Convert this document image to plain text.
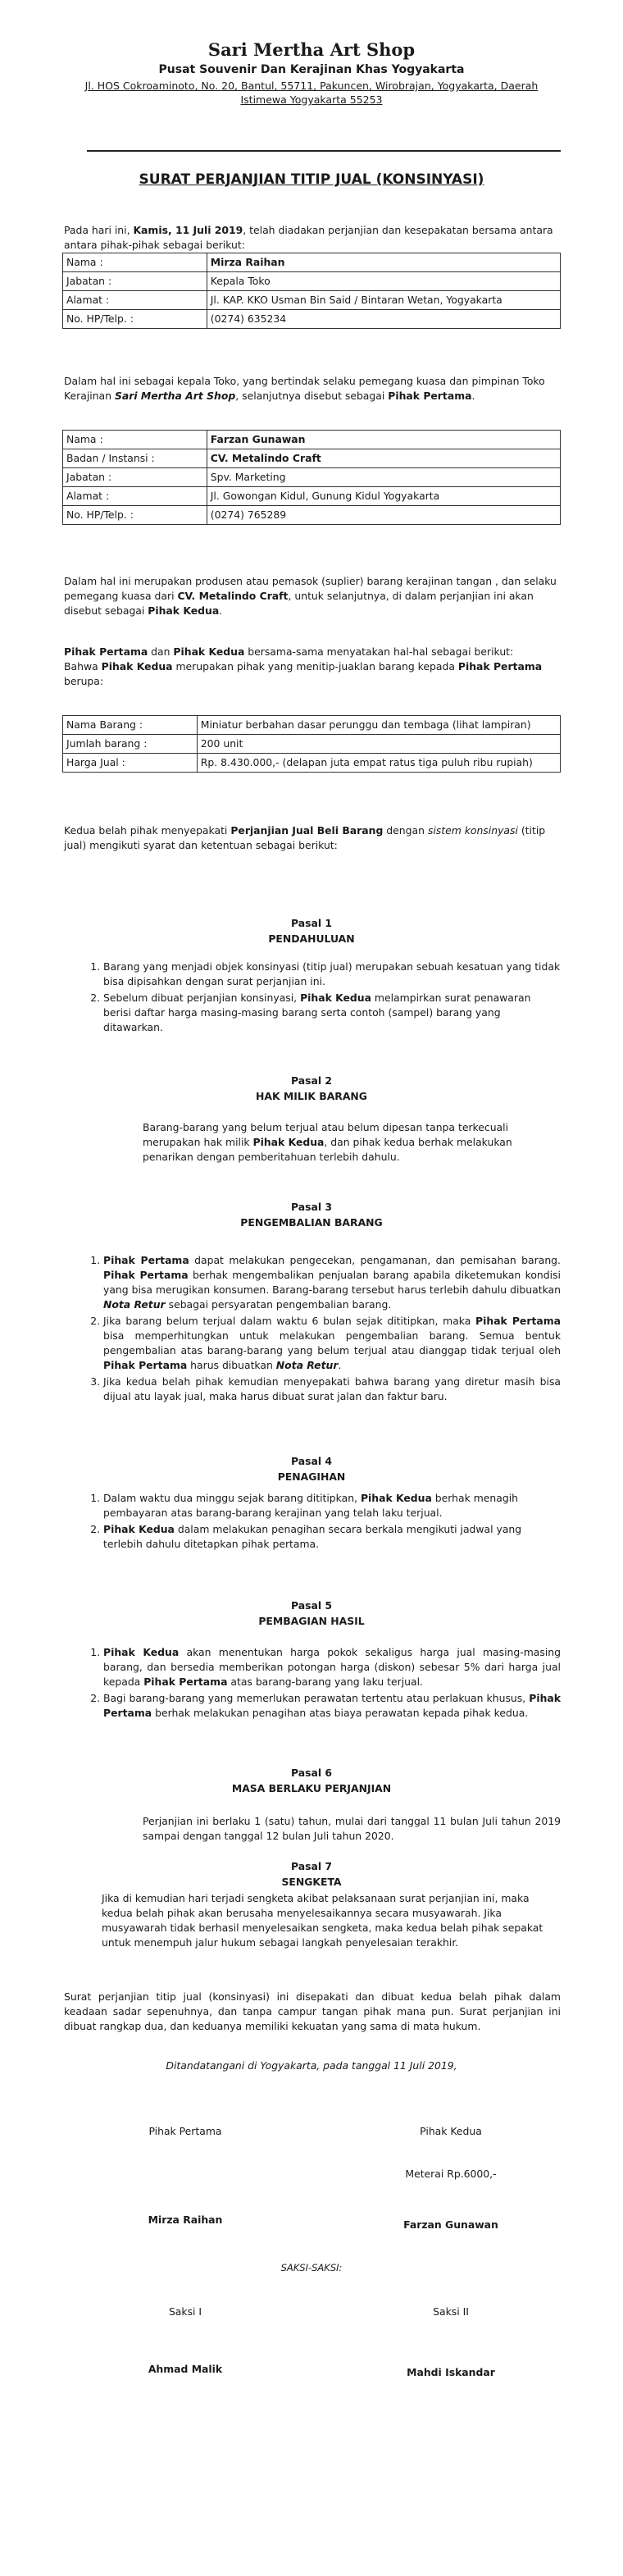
Sari Mertha Art Shop
Pusat Souvenir Dan Kerajinan Khas Yogyakarta
Jl. HOS Cokroaminoto, No. 20, Bantul, 55711, Pakuncen, Wirobrajan, Yogyakarta, Daerah Istimewa Yogyakarta 55253
SURAT PERJANJIAN TITIP JUAL (KONSINYASI)

Pada hari ini, Kamis, 11 Juli 2019, telah diadakan perjanjian dan kesepakatan bersama antara antara pihak-pihak sebagai berikut:

Nama :	Mirza Raihan
Jabatan :	Kepala Toko
Alamat :	Jl. KAP. KKO Usman Bin Said / Bintaran Wetan, Yogyakarta
No. HP/Telp. :	(0274) 635234

Dalam hal ini sebagai kepala Toko, yang bertindak selaku pemegang kuasa dan pimpinan Toko Kerajinan Sari Mertha Art Shop, selanjutnya disebut sebagai Pihak Pertama.

Nama :	Farzan Gunawan
Badan / Instansi :	CV. Metalindo Craft
Jabatan :	Spv. Marketing
Alamat :	Jl. Gowongan Kidul, Gunung Kidul Yogyakarta
No. HP/Telp. :	(0274) 765289

Dalam hal ini merupakan produsen atau pemasok (suplier) barang kerajinan tangan , dan selaku pemegang kuasa dari CV. Metalindo Craft, untuk selanjutnya, di dalam perjanjian ini akan disebut sebagai Pihak Kedua.

Pihak Pertama dan Pihak Kedua bersama-sama menyatakan hal-hal sebagai berikut:
Bahwa Pihak Kedua merupakan pihak yang menitip-juaklan barang kepada Pihak Pertama berupa:

Nama Barang :	Miniatur berbahan dasar perunggu dan tembaga (lihat lampiran)
Jumlah barang :	200 unit
Harga Jual :	Rp. 8.430.000,- (delapan juta empat ratus tiga puluh ribu rupiah)

Kedua belah pihak menyepakati Perjanjian Jual Beli Barang dengan sistem konsinyasi (titip jual) mengikuti syarat dan ketentuan sebagai berikut:

Pasal 1
PENDAHULUAN
1. Barang yang menjadi objek konsinyasi (titip jual) merupakan sebuah kesatuan yang tidak bisa dipisahkan dengan surat perjanjian ini.
2. Sebelum dibuat perjanjian konsinyasi, Pihak Kedua melampirkan surat penawaran berisi daftar harga masing-masing barang serta contoh (sampel) barang yang ditawarkan.
Pasal 2
HAK MILIK BARANG

Barang-barang yang belum terjual atau belum dipesan tanpa terkecuali merupakan hak milik Pihak Kedua, dan pihak kedua berhak melakukan penarikan dengan pemberitahuan terlebih dahulu.

Pasal 3
PENGEMBALIAN BARANG
1. Pihak Pertama dapat melakukan pengecekan, pengamanan, dan pemisahan barang. Pihak Pertama berhak mengembalikan penjualan barang apabila diketemukan kondisi yang bisa merugikan konsumen. Barang-barang tersebut harus terlebih dahulu dibuatkan Nota Retur sebagai persyaratan pengembalian barang.
2. Jika barang belum terjual dalam waktu 6 bulan sejak dititipkan, maka Pihak Pertama bisa memperhitungkan untuk melakukan pengembalian barang. Semua bentuk pengembalian atas barang-barang yang belum terjual atau dianggap tidak terjual oleh Pihak Pertama harus dibuatkan Nota Retur.
3. Jika kedua belah pihak kemudian menyepakati bahwa barang yang diretur masih bisa dijual atu layak jual, maka harus dibuat surat jalan dan faktur baru.
Pasal 4
PENAGIHAN
1. Dalam waktu dua minggu sejak barang dititipkan, Pihak Kedua berhak menagih pembayaran atas barang-barang kerajinan yang telah laku terjual.
2. Pihak Kedua dalam melakukan penagihan secara berkala mengikuti jadwal yang terlebih dahulu ditetapkan pihak pertama.
Pasal 5
PEMBAGIAN HASIL
1. Pihak Kedua akan menentukan harga pokok sekaligus harga jual masing-masing barang, dan bersedia memberikan potongan harga (diskon) sebesar 5% dari harga jual kepada Pihak Pertama atas barang-barang yang laku terjual.
2. Bagi barang-barang yang memerlukan perawatan tertentu atau perlakuan khusus, Pihak Pertama berhak melakukan penagihan atas biaya perawatan kepada pihak kedua.
Pasal 6
MASA BERLAKU PERJANJIAN

Perjanjian ini berlaku 1 (satu) tahun, mulai dari tanggal 11 bulan Juli tahun 2019 sampai dengan tanggal 12 bulan Juli tahun 2020.

Pasal 7
SENGKETA

Jika di kemudian hari terjadi sengketa akibat pelaksanaan surat perjanjian ini, maka kedua belah pihak akan berusaha menyelesaikannya secara musyawarah. Jika musyawarah tidak berhasil menyelesaikan sengketa, maka kedua belah pihak sepakat untuk menempuh jalur hukum sebagai langkah penyelesaian terakhir.

Surat perjanjian titip jual (konsinyasi) ini disepakati dan dibuat kedua belah pihak dalam keadaan sadar sepenuhnya, dan tanpa campur tangan pihak mana pun. Surat perjanjian ini dibuat rangkap dua, dan keduanya memiliki kekuatan yang sama di mata hukum.

Ditandatangani di Yogyakarta, pada tanggal 11 Juli 2019,
Pihak Pertama	Pihak Kedua
Meterai Rp.6000,-
Mirza Raihan	Farzan Gunawan
SAKSI-SAKSI:
Saksi I	Saksi II
Ahmad Malik	Mahdi Iskandar
